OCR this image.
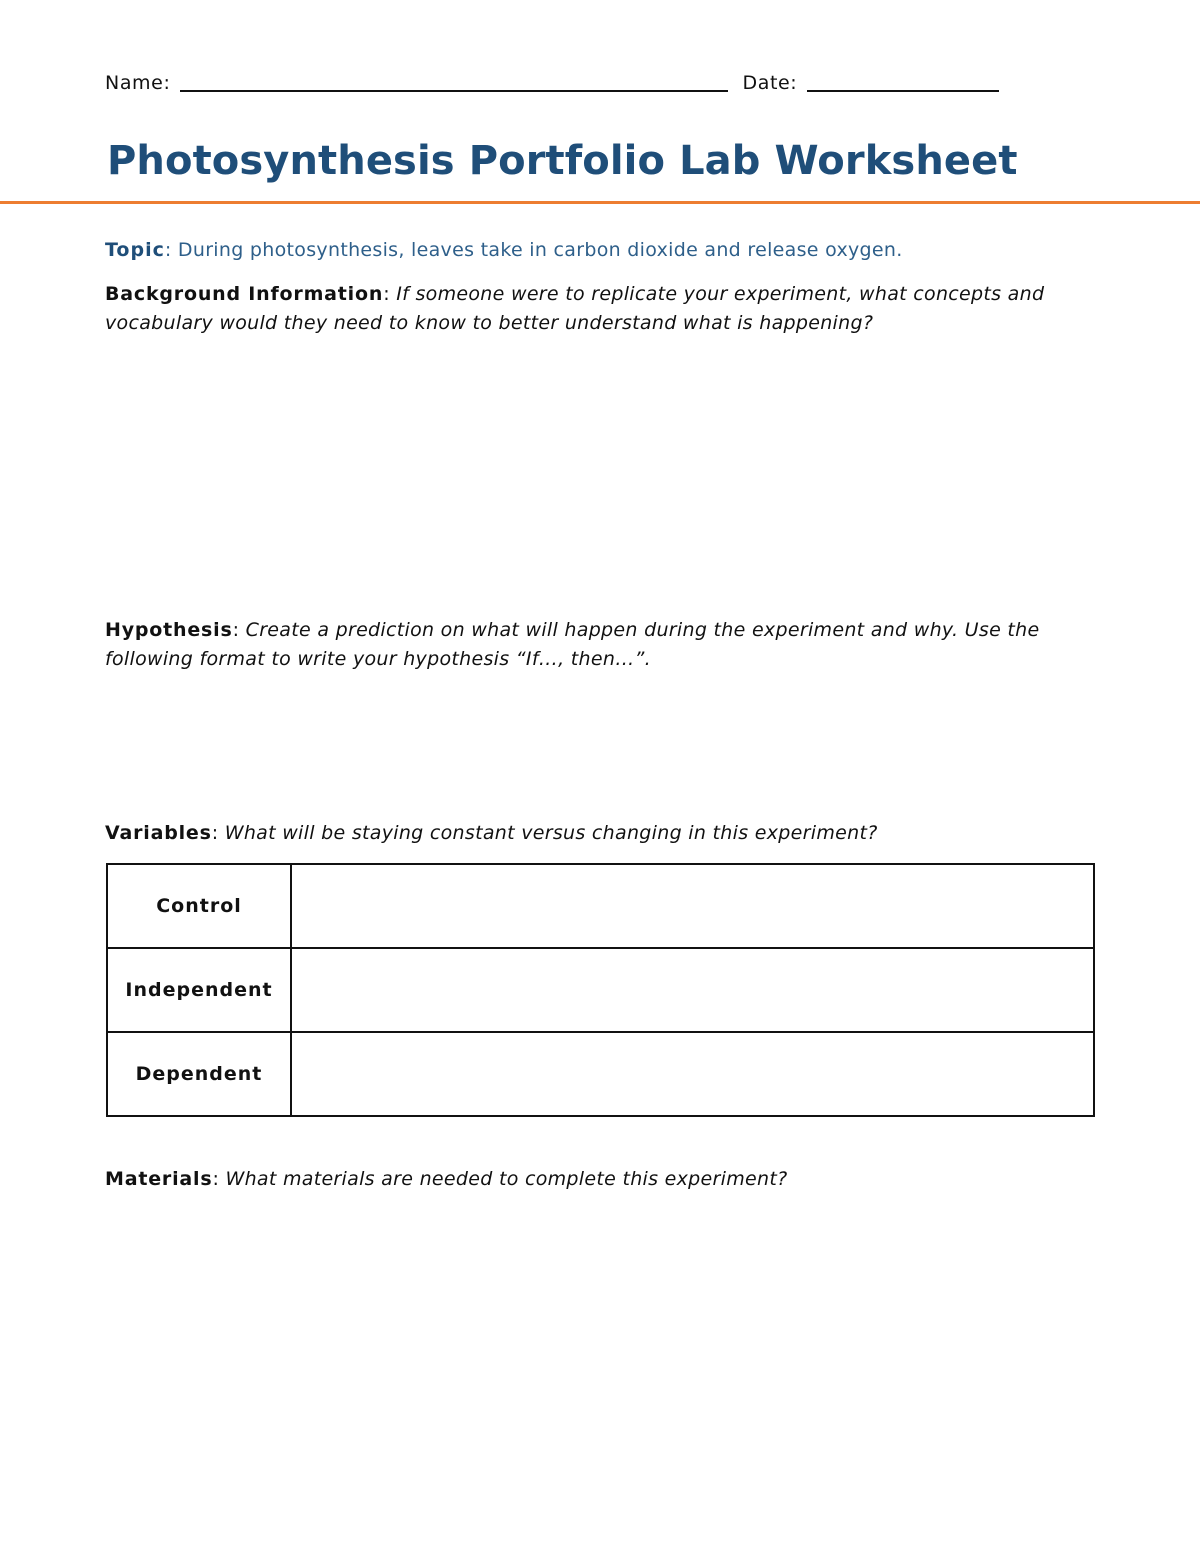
Name:	Date:
Photosynthesis Portfolio Lab Worksheet
Topic: During photosynthesis, leaves take in carbon dioxide and release oxygen.
Background Information: If someone were to replicate your experiment, what concepts and vocabulary would they need to know to better understand what is happening?
Hypothesis: Create a prediction on what will happen during the experiment and why. Use the following format to write your hypothesis “If…, then…”.
Variables: What will be staying constant versus changing in this experiment?
Control	
Independent	
Dependent	
Materials: What materials are needed to complete this experiment?
